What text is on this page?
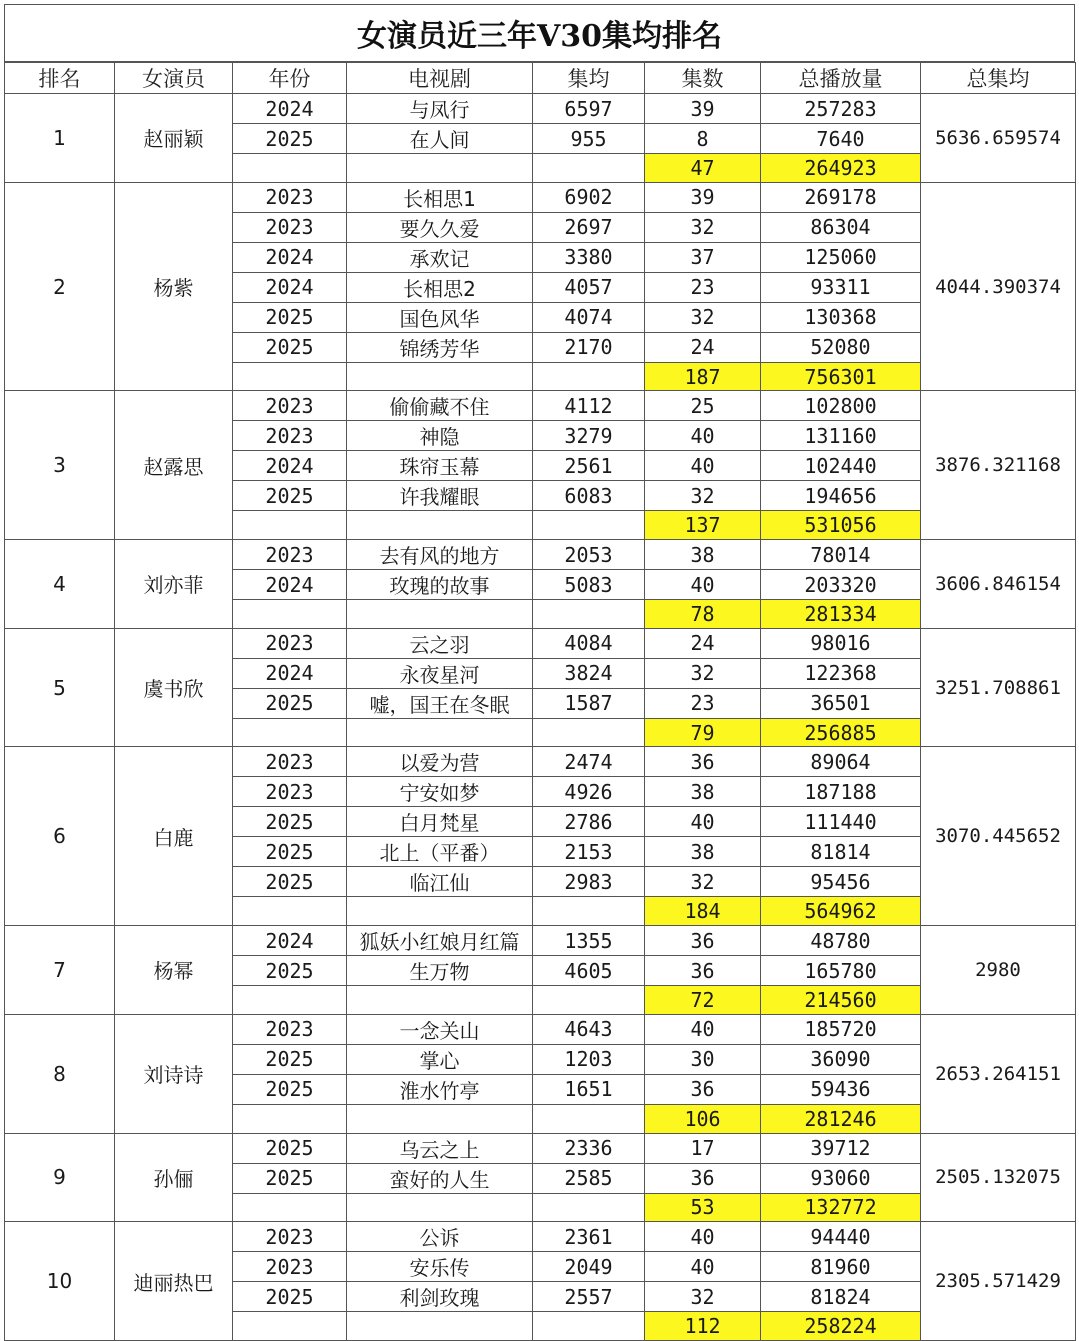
女演员近三年V30集均排名
排名	女演员	年份	电视剧	集均	集数	总播放量	总集均
1	赵丽颖	2024	与凤行	6597	39	257283	5636.659574
		2025	在人间	955	8	7640	
					47	264923	
2	杨紫	2023	长相思1	6902	39	269178	4044.390374
		2023	要久久爱	2697	32	86304	
		2024	承欢记	3380	37	125060	
		2024	长相思2	4057	23	93311	
		2025	国色风华	4074	32	130368	
		2025	锦绣芳华	2170	24	52080	
					187	756301	
3	赵露思	2023	偷偷藏不住	4112	25	102800	3876.321168
		2023	神隐	3279	40	131160	
		2024	珠帘玉幕	2561	40	102440	
		2025	许我耀眼	6083	32	194656	
					137	531056	
4	刘亦菲	2023	去有风的地方	2053	38	78014	3606.846154
		2024	玫瑰的故事	5083	40	203320	
					78	281334	
5	虞书欣	2023	云之羽	4084	24	98016	3251.708861
		2024	永夜星河	3824	32	122368	
		2025	嘘，国王在冬眠	1587	23	36501	
					79	256885	
6	白鹿	2023	以爱为营	2474	36	89064	3070.445652
		2023	宁安如梦	4926	38	187188	
		2025	白月梵星	2786	40	111440	
		2025	北上（平番）	2153	38	81814	
		2025	临江仙	2983	32	95456	
					184	564962	
7	杨幂	2024	狐妖小红娘月红篇	1355	36	48780	2980
		2025	生万物	4605	36	165780	
					72	214560	
8	刘诗诗	2023	一念关山	4643	40	185720	2653.264151
		2025	掌心	1203	30	36090	
		2025	淮水竹亭	1651	36	59436	
					106	281246	
9	孙俪	2025	乌云之上	2336	17	39712	2505.132075
		2025	蛮好的人生	2585	36	93060	
					53	132772	
10	迪丽热巴	2023	公诉	2361	40	94440	2305.571429
		2023	安乐传	2049	40	81960	
		2025	利剑玫瑰	2557	32	81824	
					112	258224	
